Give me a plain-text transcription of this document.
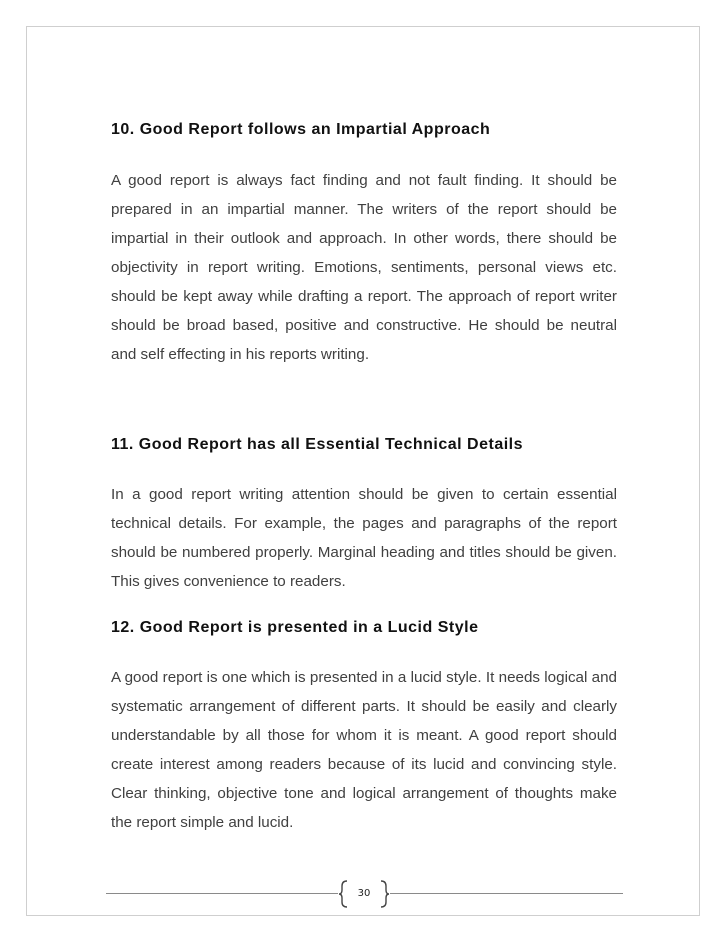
10. Good Report follows an Impartial Approach

A good report is always fact finding and not fault finding. It should be prepared in an impartial manner. The writers of the report should be impartial in their outlook and approach. In other words, there should be objectivity in report writing. Emotions, sentiments, personal views etc. should be kept away while drafting a report. The approach of report writer should be broad based, positive and constructive. He should be neutral and self effecting in his reports writing.

11. Good Report has all Essential Technical Details

In a good report writing attention should be given to certain essential technical details. For example, the pages and paragraphs of the report should be numbered properly. Marginal heading and titles should be given. This gives convenience to readers.

12. Good Report is presented in a Lucid Style

A good report is one which is presented in a lucid style. It needs logical and systematic arrangement of different parts. It should be easily and clearly understandable by all those for whom it is meant. A good report should create interest among readers because of its lucid and convincing style. Clear thinking, objective tone and logical arrangement of thoughts make the report simple and lucid.

30
